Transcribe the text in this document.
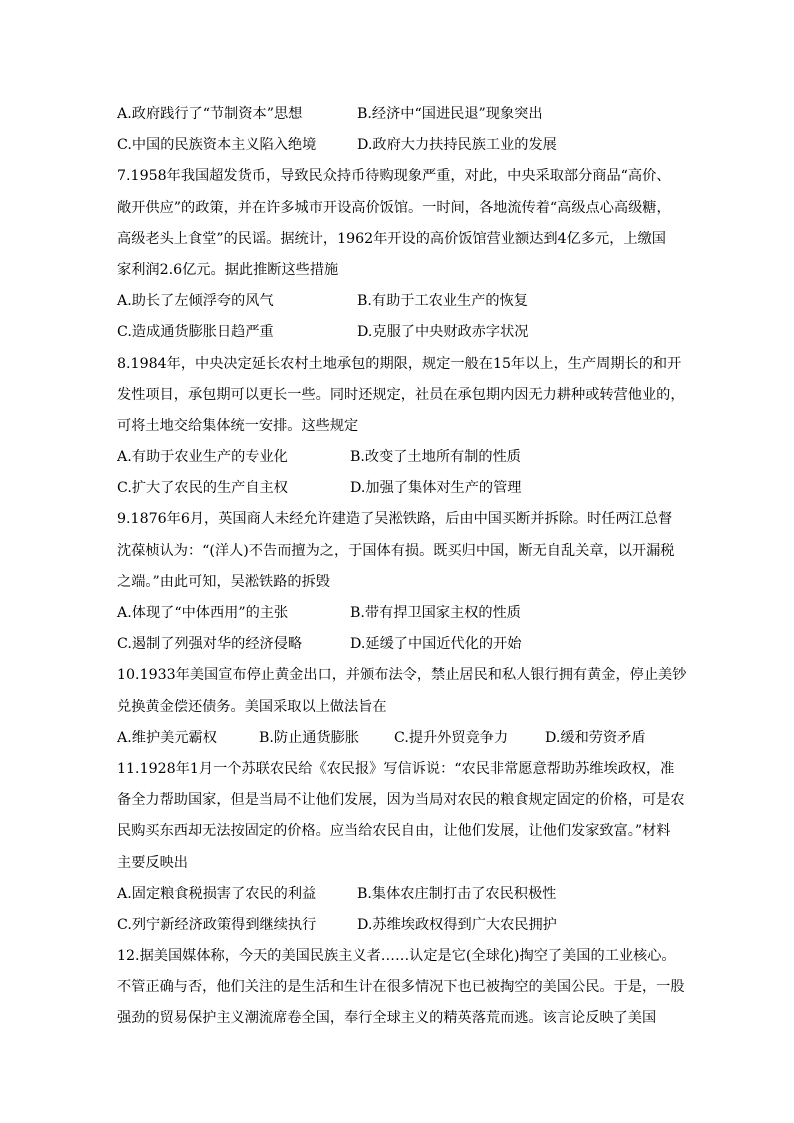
A.政府践行了“节制资本”思想	B.经济中“国进民退”现象突出
C.中国的民族资本主义陷入绝境	D.政府大力扶持民族工业的发展
7.1958年我国超发货币，导致民众持币待购现象严重，对此，中央采取部分商品“高价、
敞开供应”的政策，并在许多城市开设高价饭馆。一时间，各地流传着“高级点心高级糖，
高级老头上食堂”的民谣。据统计，1962年开设的高价饭馆营业额达到4亿多元，上缴国
家利润2.6亿元。据此推断这些措施
A.助长了左倾浮夸的风气	B.有助于工农业生产的恢复
C.造成通货膨胀日趋严重	D.克服了中央财政赤字状况
8.1984年，中央决定延长农村土地承包的期限，规定一般在15年以上，生产周期长的和开
发性项目，承包期可以更长一些。同时还规定，社员在承包期内因无力耕种或转营他业的，
可将土地交给集体统一安排。这些规定
A.有助于农业生产的专业化	B.改变了土地所有制的性质
C.扩大了农民的生产自主权	D.加强了集体对生产的管理
9.1876年6月，英国商人未经允许建造了吴淞铁路，后由中国买断并拆除。时任两江总督
沈葆桢认为：“(洋人)不告而擅为之，于国体有损。既买归中国，断无自乱关章，以开漏税
之端。”由此可知，吴淞铁路的拆毁
A.体现了“中体西用”的主张	B.带有捍卫国家主权的性质
C.遏制了列强对华的经济侵略	D.延缓了中国近代化的开始
10.1933年美国宣布停止黄金出口，并颁布法令，禁止居民和私人银行拥有黄金，停止美钞
兑换黄金偿还债务。美国采取以上做法旨在
A.维护美元霸权	B.防止通货膨胀 C.提升外贸竞争力	D.缓和劳资矛盾
11.1928年1月一个苏联农民给《农民报》写信诉说：“农民非常愿意帮助苏维埃政权，准
备全力帮助国家，但是当局不让他们发展，因为当局对农民的粮食规定固定的价格，可是农
民购买东西却无法按固定的价格。应当给农民自由，让他们发展，让他们发家致富。”材料
主要反映出
A.固定粮食税损害了农民的利益	B.集体农庄制打击了农民积极性
C.列宁新经济政策得到继续执行	D.苏维埃政权得到广大农民拥护
12.据美国媒体称，今天的美国民族主义者……认定是它(全球化)掏空了美国的工业核心。
不管正确与否，他们关注的是生活和生计在很多情况下也已被掏空的美国公民。于是，一股
强劲的贸易保护主义潮流席卷全国，奉行全球主义的精英落荒而逃。该言论反映了美国
